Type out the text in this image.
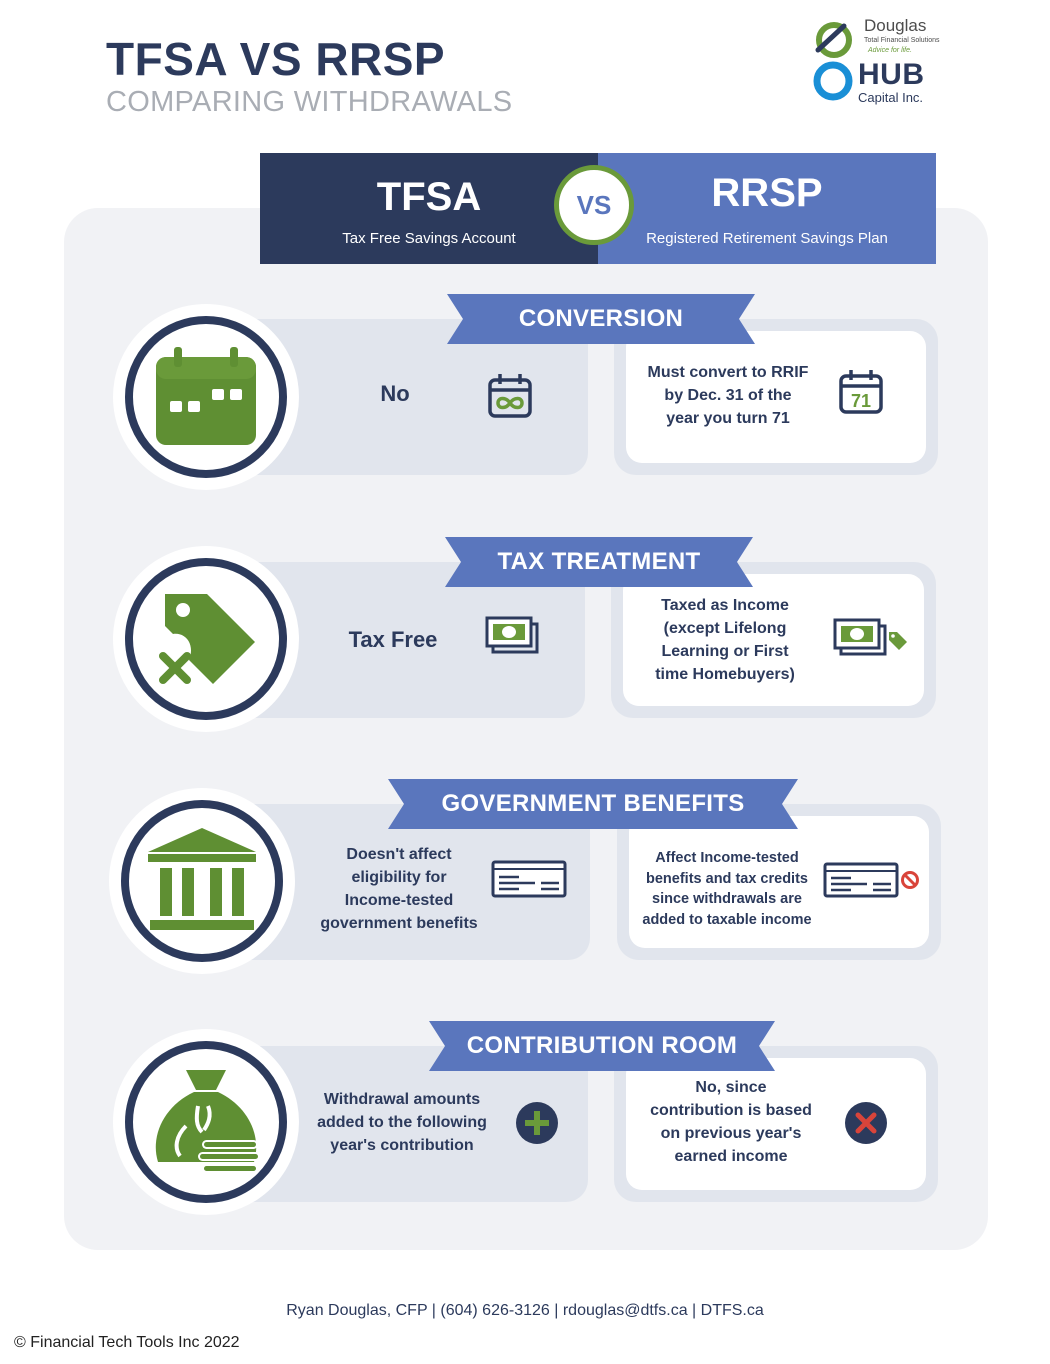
TFSA VS RRSP
COMPARING WITHDRAWALS
Douglas
Total Financial Solutions
Advice for life.
HUB
Capital Inc.
TFSA
Tax Free Savings Account
RRSP
Registered Retirement Savings Plan
VS
No
Must convert to RRIF
by Dec. 31 of the
year you turn 71
71
CONVERSION
Tax Free
Taxed as Income
(except Lifelong
Learning or First
time Homebuyers)
TAX TREATMENT
Doesn't affect
eligibility for
Income-tested
government benefits
Affect Income-tested
benefits and tax credits
since withdrawals are
added to taxable income
GOVERNMENT BENEFITS
Withdrawal amounts
added to the following
year's contribution
No, since
contribution is based
on previous year's
earned income
CONTRIBUTION ROOM
Ryan Douglas, CFP | (604) 626-3126 | rdouglas@dtfs.ca | DTFS.ca
© Financial Tech Tools Inc 2022
